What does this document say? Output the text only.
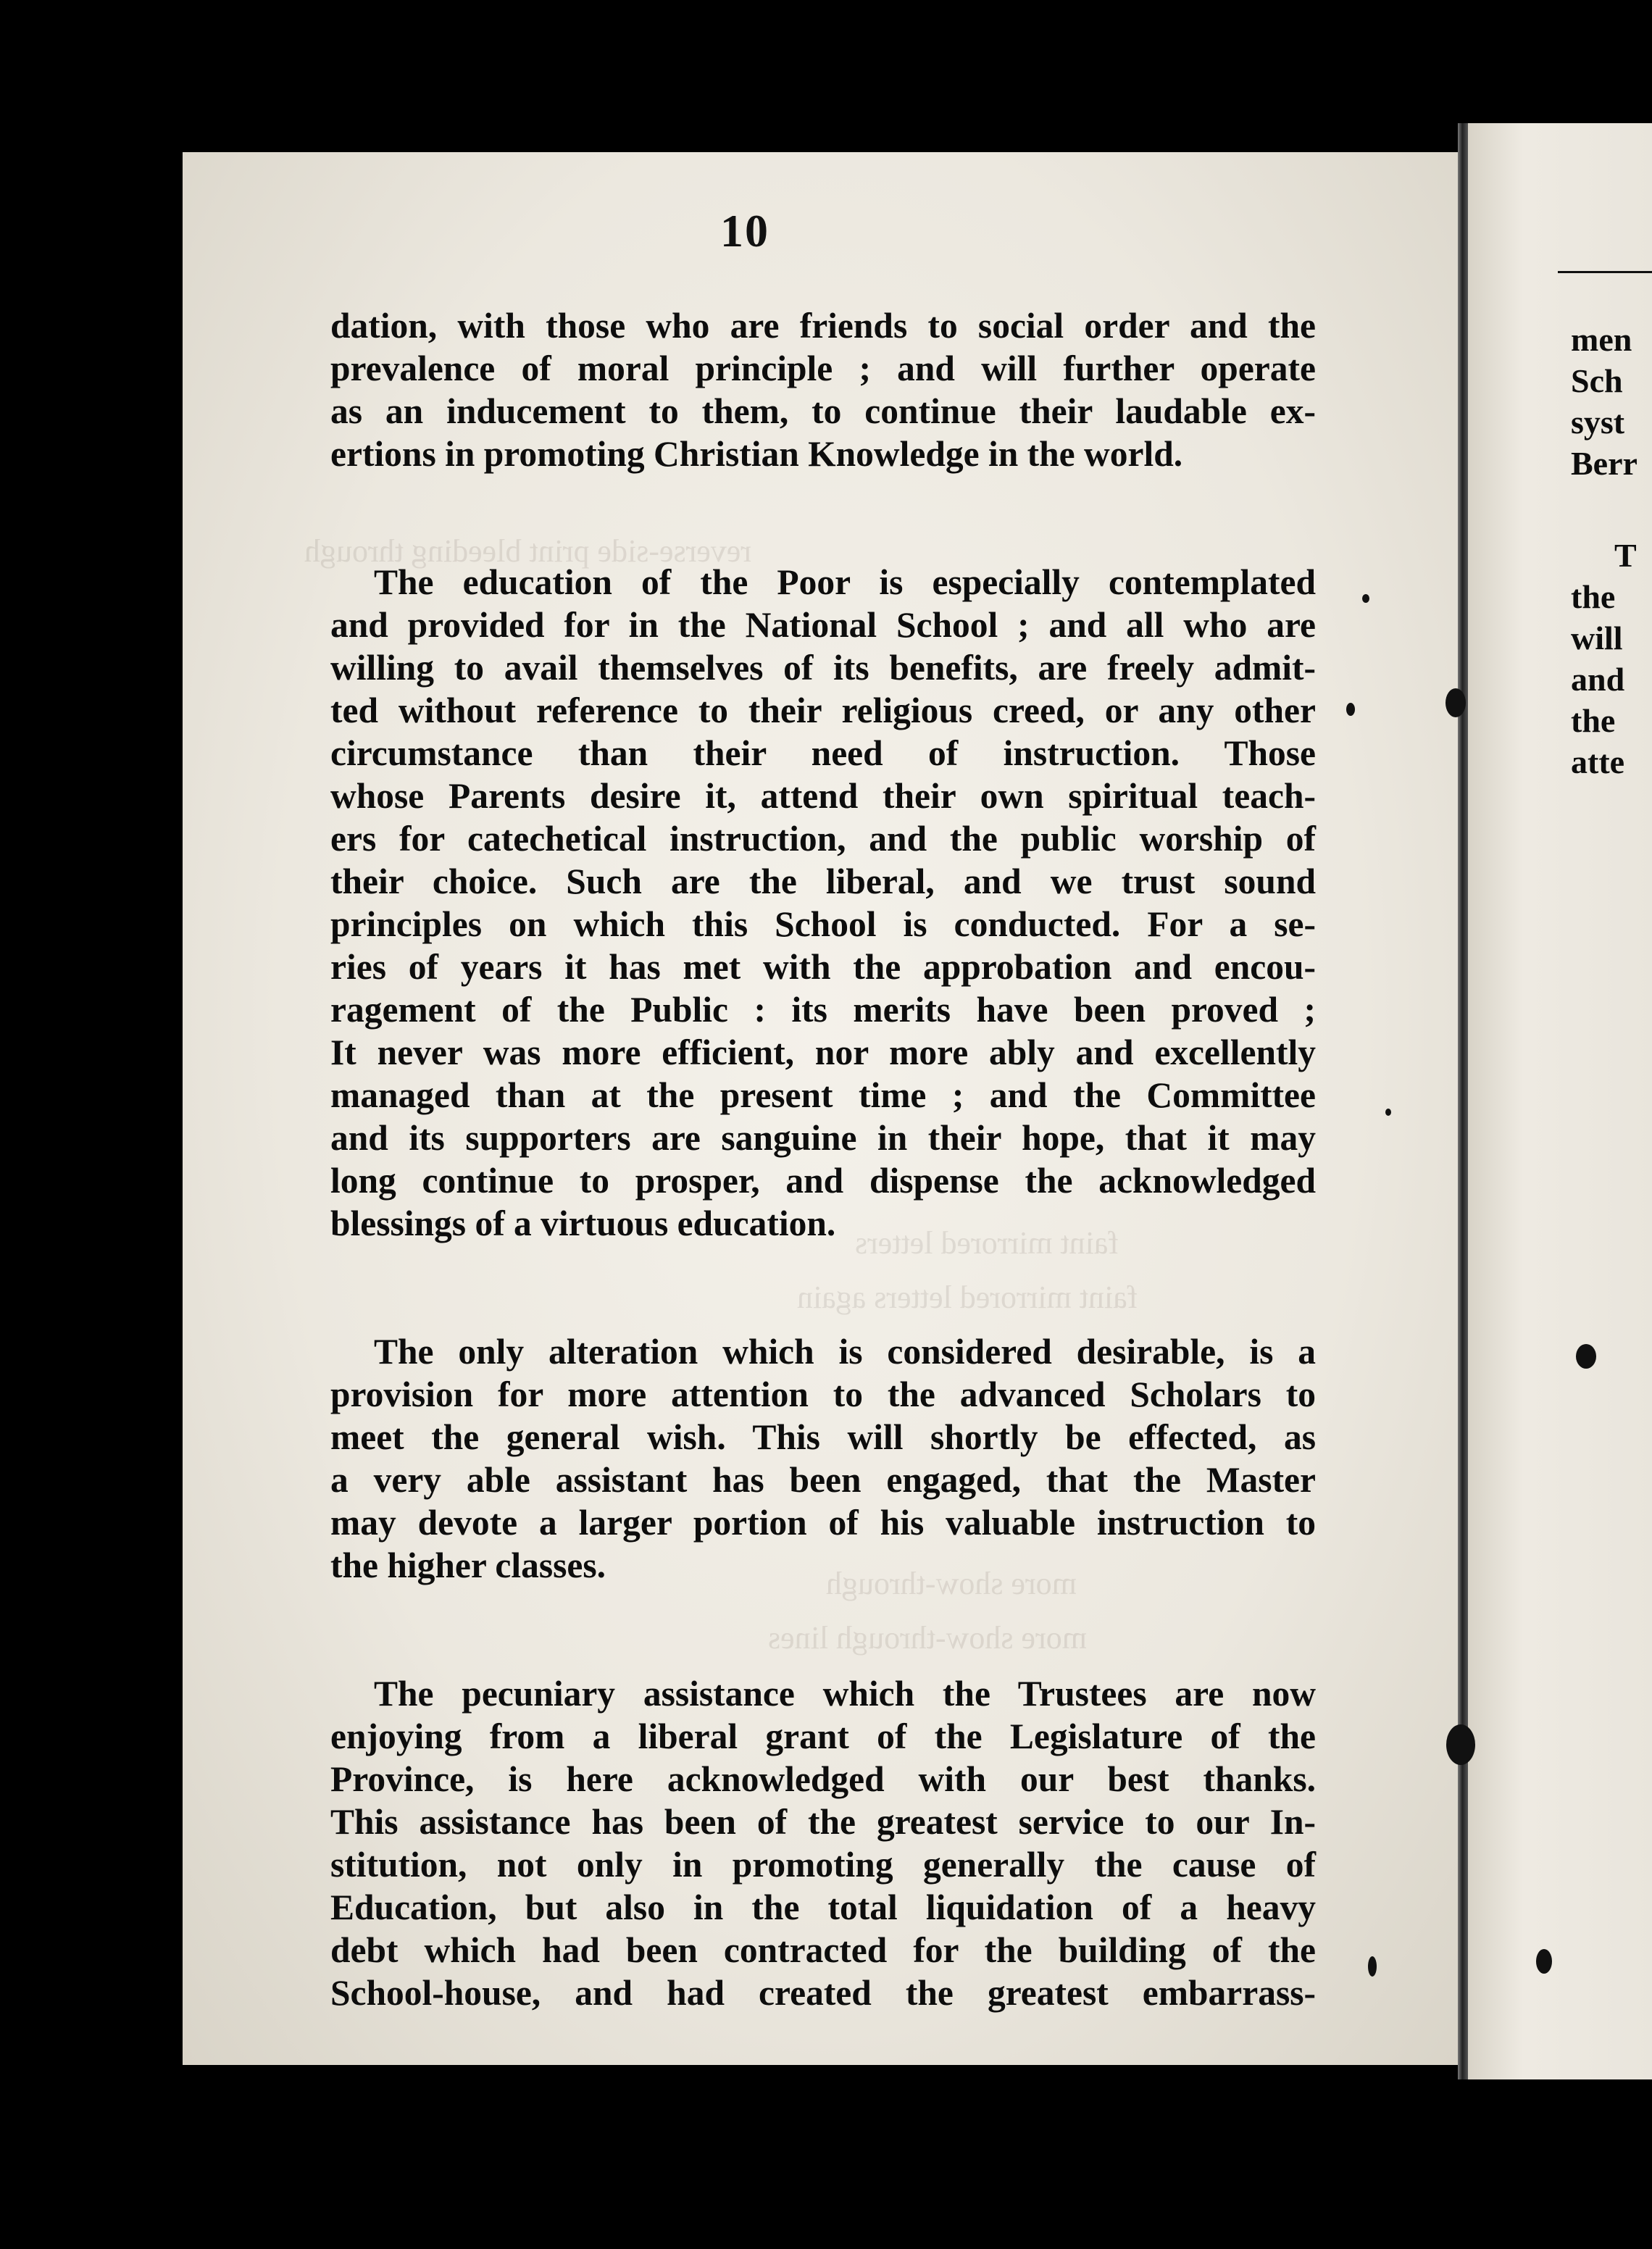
reverse-side print bleeding through
faint mirrored letters
faint mirrored letters again
more show-through
more show-through lines
10

dation, with those who are friends to social order and the
prevalence of moral principle ; and will further operate
as an inducement to them, to continue their laudable ex-
ertions in promoting Christian Knowledge in the world.

The education of the Poor is especially contemplated
and provided for in the National School ; and all who are
willing to avail themselves of its benefits, are freely admit-
ted without reference to their religious creed, or any other
circumstance than their need of instruction. Those
whose Parents desire it, attend their own spiritual teach-
ers for catechetical instruction, and the public worship of
their choice. Such are the liberal, and we trust sound
principles on which this School is conducted. For a se-
ries of years it has met with the approbation and encou-
ragement of the Public : its merits have been proved ;
It never was more efficient, nor more ably and excellently
managed than at the present time ; and the Committee
and its supporters are sanguine in their hope, that it may
long continue to prosper, and dispense the acknowledged
blessings of a virtuous education.

The only alteration which is considered desirable, is a
provision for more attention to the advanced Scholars to
meet the general wish. This will shortly be effected, as
a very able assistant has been engaged, that the Master
may devote a larger portion of his valuable instruction to
the higher classes.

The pecuniary assistance which the Trustees are now
enjoying from a liberal grant of the Legislature of the
Province, is here acknowledged with our best thanks.
This assistance has been of the greatest service to our In-
stitution, not only in promoting generally the cause of
Education, but also in the total liquidation of a heavy
debt which had been contracted for the building of the
School-house, and had created the greatest embarrass-

men
Sch
syst
Berr
T
the
will
and
the
atte
